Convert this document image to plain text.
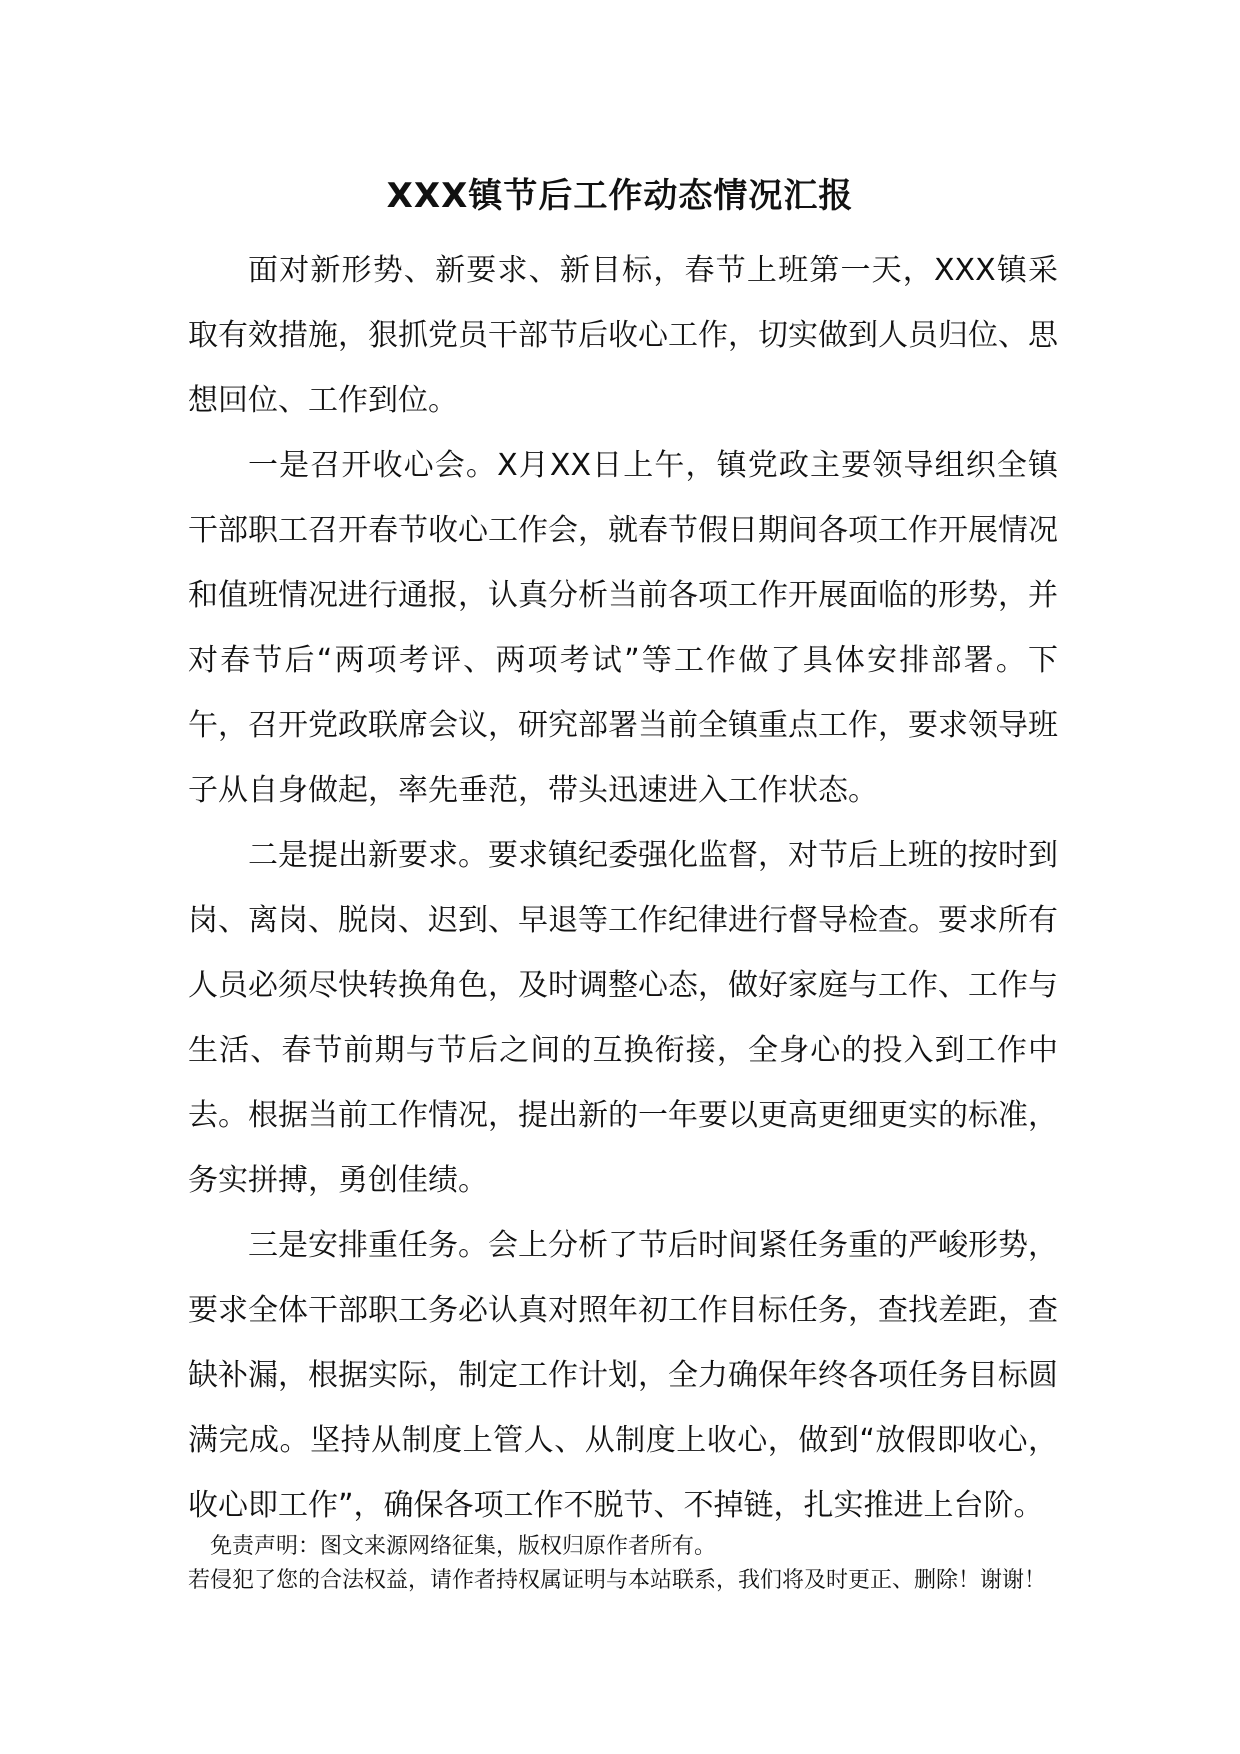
XXX镇节后工作动态情况汇报

面对新形势、新要求、新目标，春节上班第一天，XXX镇采取有效措施，狠抓党员干部节后收心工作，切实做到人员归位、思想回位、工作到位。

一是召开收心会。X月XX日上午，镇党政主要领导组织全镇干部职工召开春节收心工作会，就春节假日期间各项工作开展情况和值班情况进行通报，认真分析当前各项工作开展面临的形势，并对春节后“两项考评、两项考试”等工作做了具体安排部署。下午，召开党政联席会议，研究部署当前全镇重点工作，要求领导班子从自身做起，率先垂范，带头迅速进入工作状态。

二是提出新要求。要求镇纪委强化监督，对节后上班的按时到岗、离岗、脱岗、迟到、早退等工作纪律进行督导检查。要求所有人员必须尽快转换角色，及时调整心态，做好家庭与工作、工作与生活、春节前期与节后之间的互换衔接，全身心的投入到工作中去。根据当前工作情况，提出新的一年要以更高更细更实的标准，务实拼搏，勇创佳绩。

三是安排重任务。会上分析了节后时间紧任务重的严峻形势，要求全体干部职工务必认真对照年初工作目标任务，查找差距，查缺补漏，根据实际，制定工作计划，全力确保年终各项任务目标圆满完成。坚持从制度上管人、从制度上收心，做到“放假即收心，收心即工作”，确保各项工作不脱节、不掉链，扎实推进上台阶。

免责声明：图文来源网络征集，版权归原作者所有。
若侵犯了您的合法权益，请作者持权属证明与本站联系，我们将及时更正、删除！谢谢！
